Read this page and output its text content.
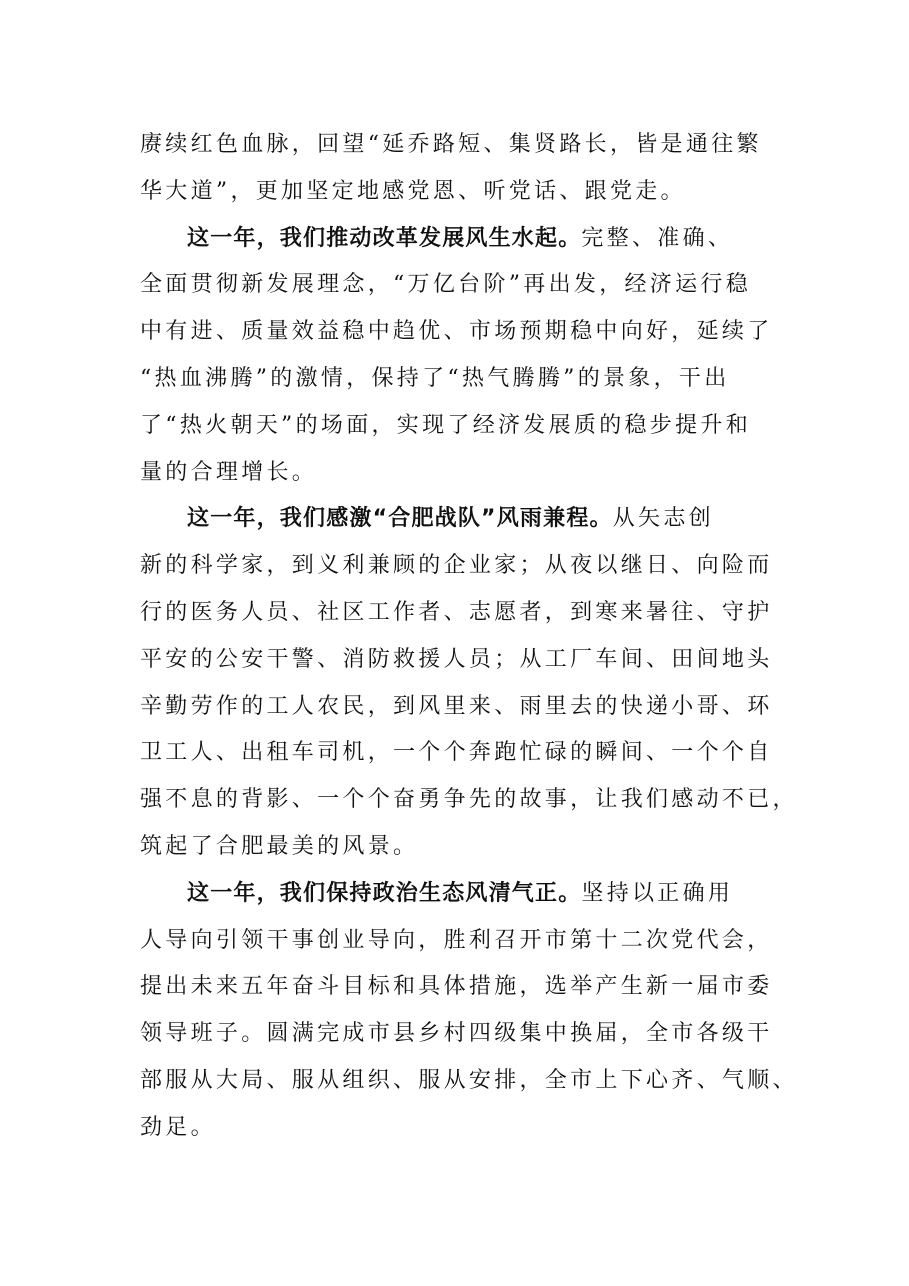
赓续红色血脉，回望“延乔路短、集贤路长，皆是通往繁
华大道”，更加坚定地感党恩、听党话、跟党走。
这一年，我们推动改革发展风生水起。完整、准确、
全面贯彻新发展理念，“万亿台阶”再出发，经济运行稳
中有进、质量效益稳中趋优、市场预期稳中向好，延续了
“热血沸腾”的激情，保持了“热气腾腾”的景象，干出
了“热火朝天”的场面，实现了经济发展质的稳步提升和
量的合理增长。
这一年，我们感激“合肥战队”风雨兼程。从矢志创
新的科学家，到义利兼顾的企业家；从夜以继日、向险而
行的医务人员、社区工作者、志愿者，到寒来暑往、守护
平安的公安干警、消防救援人员；从工厂车间、田间地头
辛勤劳作的工人农民，到风里来、雨里去的快递小哥、环
卫工人、出租车司机，一个个奔跑忙碌的瞬间、一个个自
强不息的背影、一个个奋勇争先的故事，让我们感动不已，
筑起了合肥最美的风景。
这一年，我们保持政治生态风清气正。坚持以正确用
人导向引领干事创业导向，胜利召开市第十二次党代会，
提出未来五年奋斗目标和具体措施，选举产生新一届市委
领导班子。圆满完成市县乡村四级集中换届，全市各级干
部服从大局、服从组织、服从安排，全市上下心齐、气顺、
劲足。
